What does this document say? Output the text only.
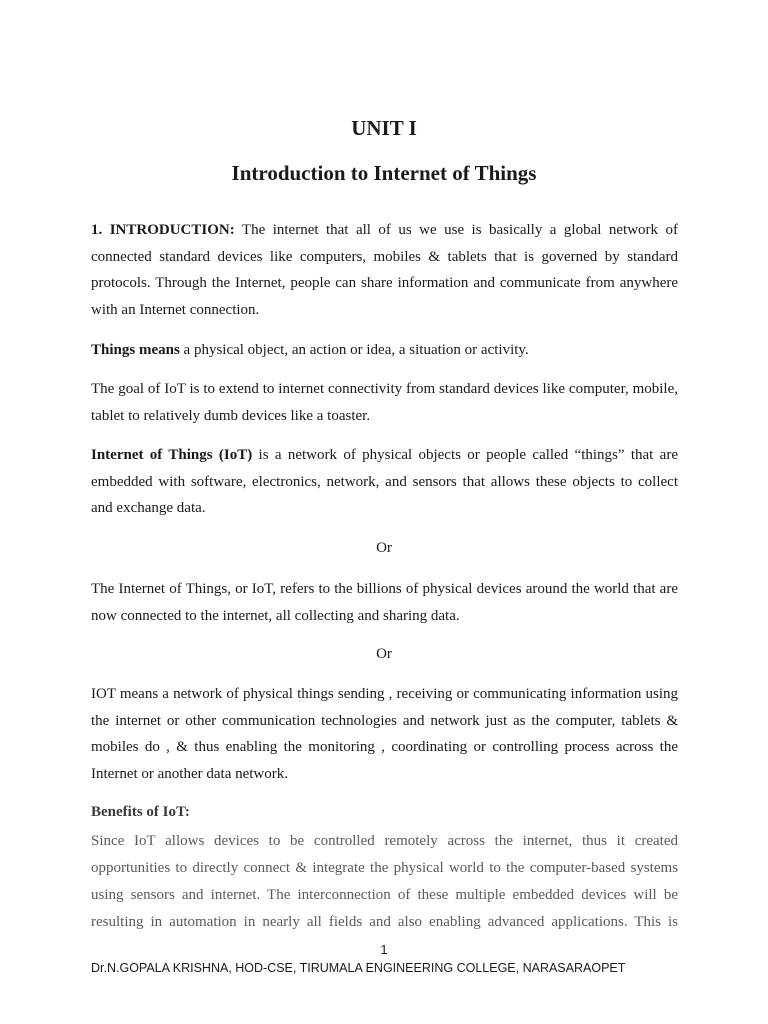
UNIT I
Introduction to Internet of Things

1. INTRODUCTION: The internet that all of us we use is basically a global network of connected standard devices like computers, mobiles & tablets that is governed by standard protocols. Through the Internet, people can share information and communicate from anywhere with an Internet connection.

Things means a physical object, an action or idea, a situation or activity.

The goal of IoT is to extend to internet connectivity from standard devices like computer, mobile, tablet to relatively dumb devices like a toaster.

Internet of Things (IoT) is a network of physical objects or people called “things” that are embedded with software, electronics, network, and sensors that allows these objects to collect and exchange data.

Or

The Internet of Things, or IoT, refers to the billions of physical devices around the world that are now connected to the internet, all collecting and sharing data.

Or

IOT means a network of physical things sending , receiving or communicating information using the internet or other communication technologies and network just as the computer, tablets & mobiles do , & thus enabling the monitoring , coordinating or controlling process across the Internet or another data network.

Benefits of IoT:

Since IoT allows devices to be controlled remotely across the internet, thus it created opportunities to directly connect & integrate the physical world to the computer-based systems using sensors and internet. The interconnection of these multiple embedded devices will be resulting in automation in nearly all fields and also enabling advanced applications. This is

1

Dr.N.GOPALA KRISHNA, HOD-CSE, TIRUMALA ENGINEERING COLLEGE, NARASARAOPET
